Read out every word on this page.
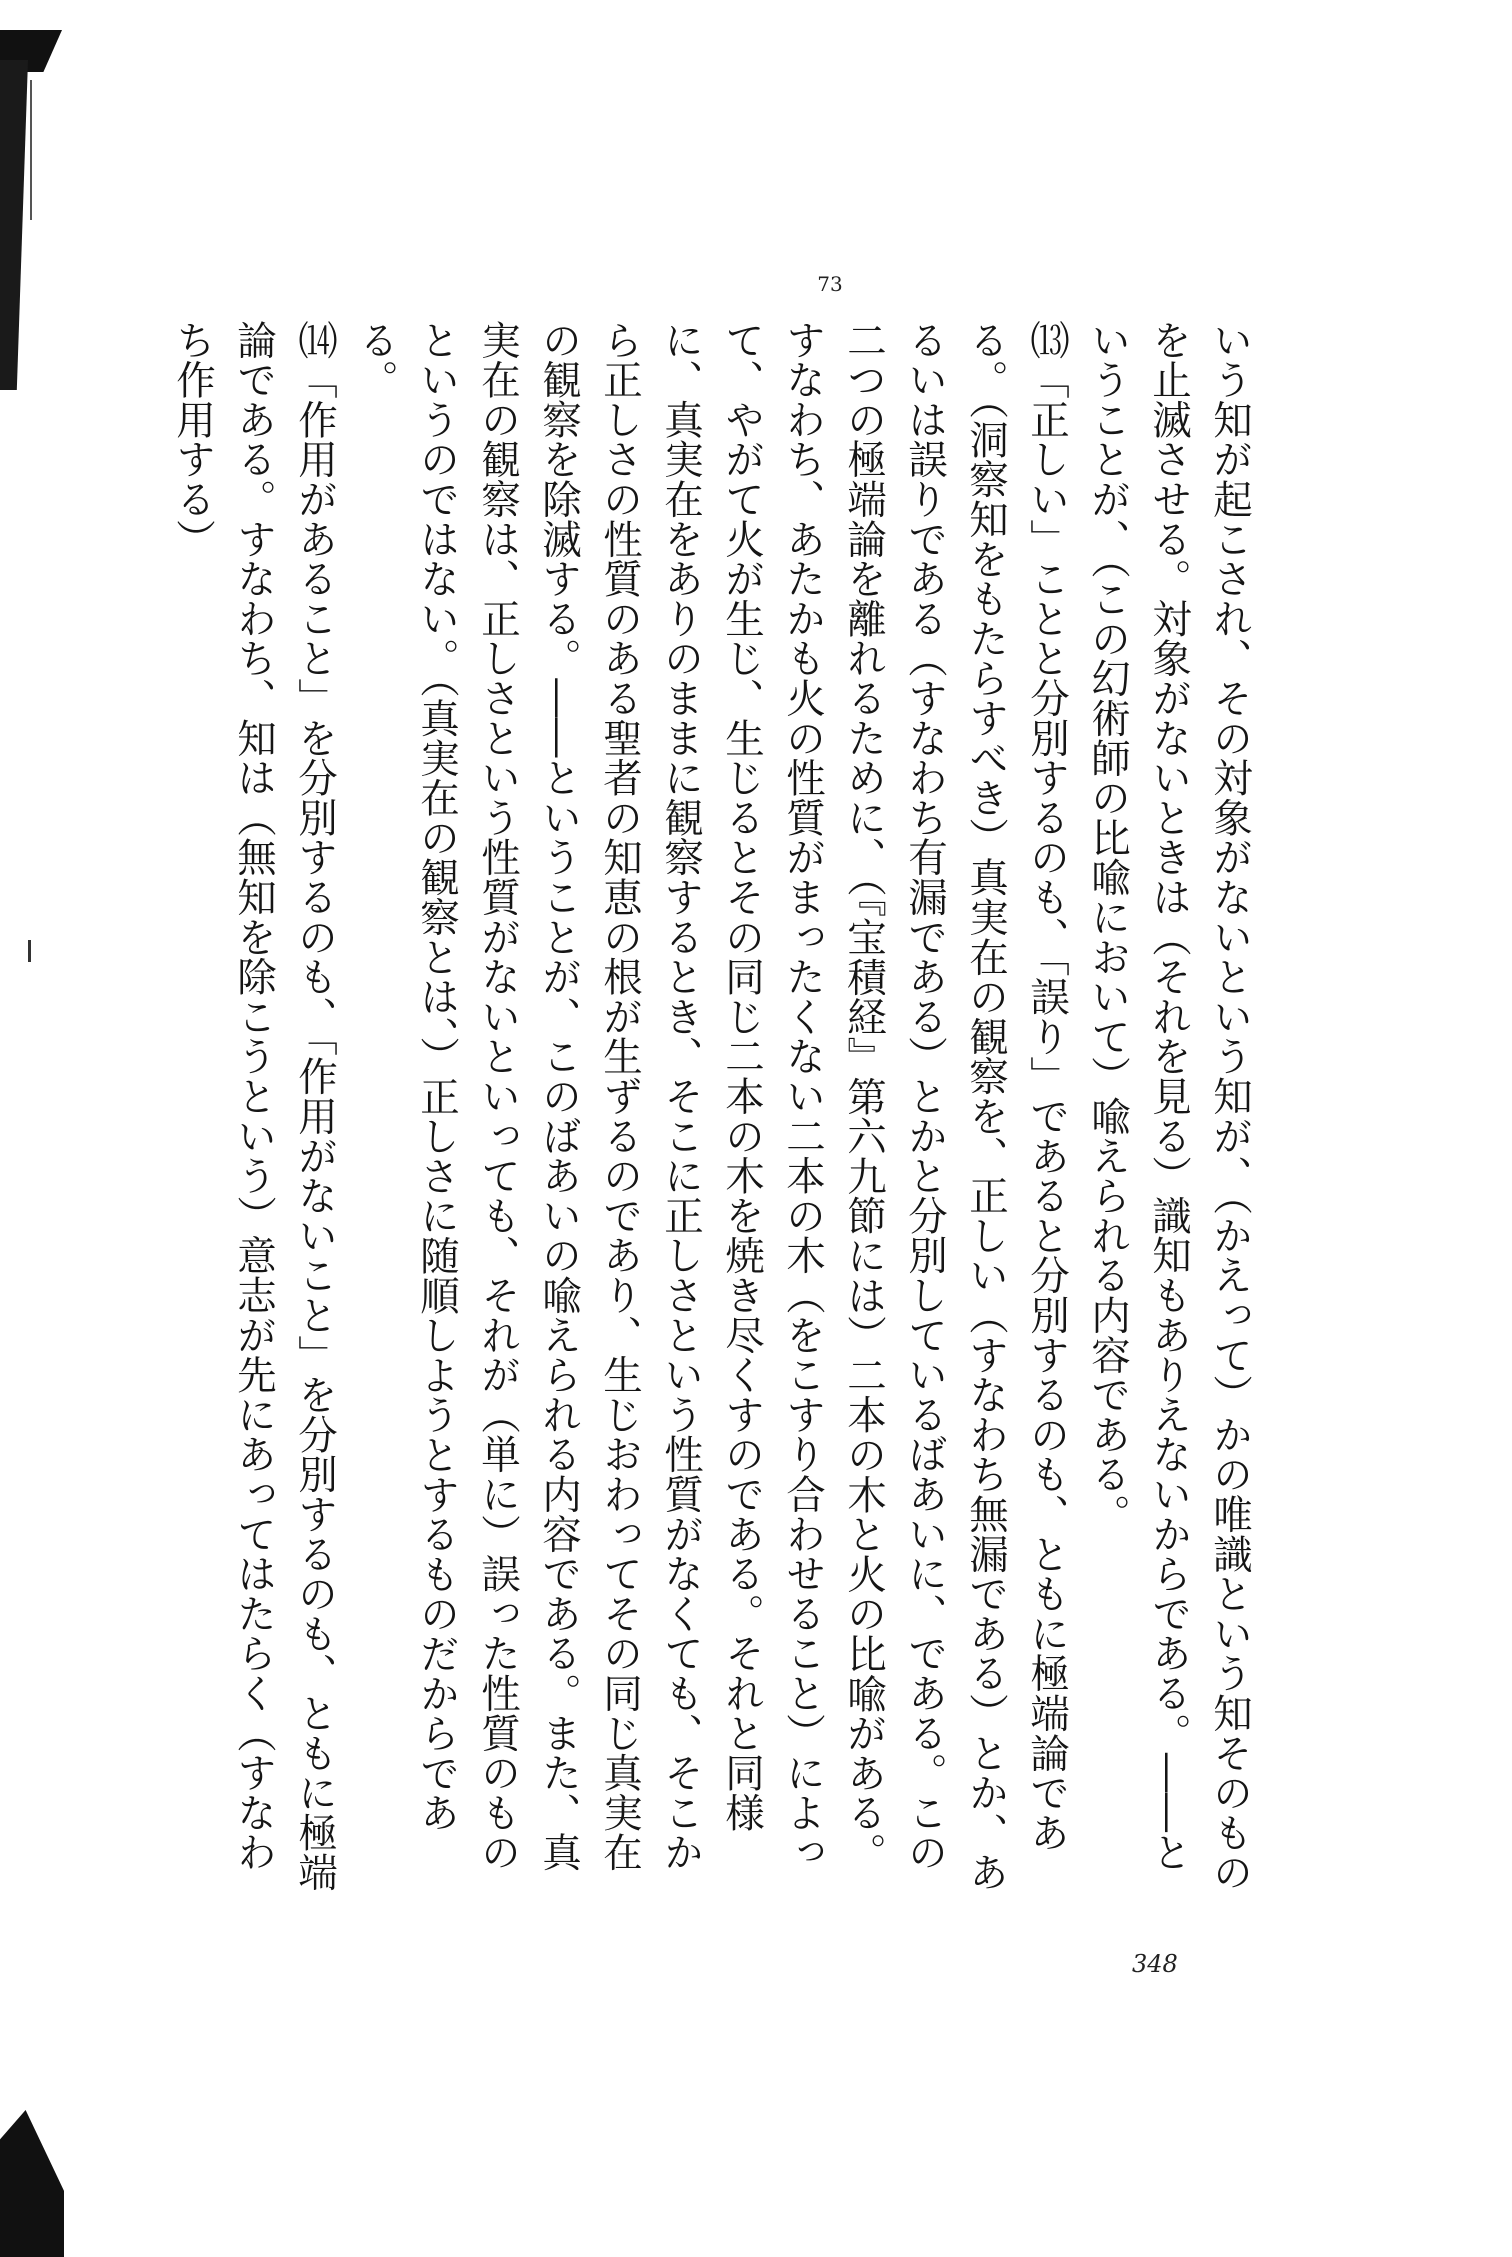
73

いう知が起こされ、その対象がないという知が、（かえって）かの唯識という知そのものを止滅させる。対象がないときは（それを見る）識知もありえないからである。――ということが、（この幻術師の比喩において）喩えられる内容である。

⒀「正しい」ことと分別するのも、「誤り」であると分別するのも、ともに極端論である。（洞察知をもたらすべき）真実在の観察を、正しい（すなわち無漏である）とか、あるいは誤りである（すなわち有漏である）とかと分別しているばあいに、である。この二つの極端論を離れるために、（『宝積経』第六九節には）二本の木と火の比喩がある。すなわち、あたかも火の性質がまったくない二本の木（をこすり合わせること）によって、やがて火が生じ、生じるとその同じ二本の木を焼き尽くすのである。それと同様に、真実在をありのままに観察するとき、そこに正しさという性質がなくても、そこから正しさの性質のある聖者の知恵の根が生ずるのであり、生じおわってその同じ真実在の観察を除滅する。――ということが、このばあいの喩えられる内容である。また、真実在の観察は、正しさという性質がないといっても、それが（単に）誤った性質のものというのではない。（真実在の観察とは、）正しさに随順しようとするものだからである。

⒁「作用があること」を分別するのも、「作用がないこと」を分別するのも、ともに極端論である。すなわち、知は（無知を除こうという）意志が先にあってはたらく（すなわち作用する）

348
